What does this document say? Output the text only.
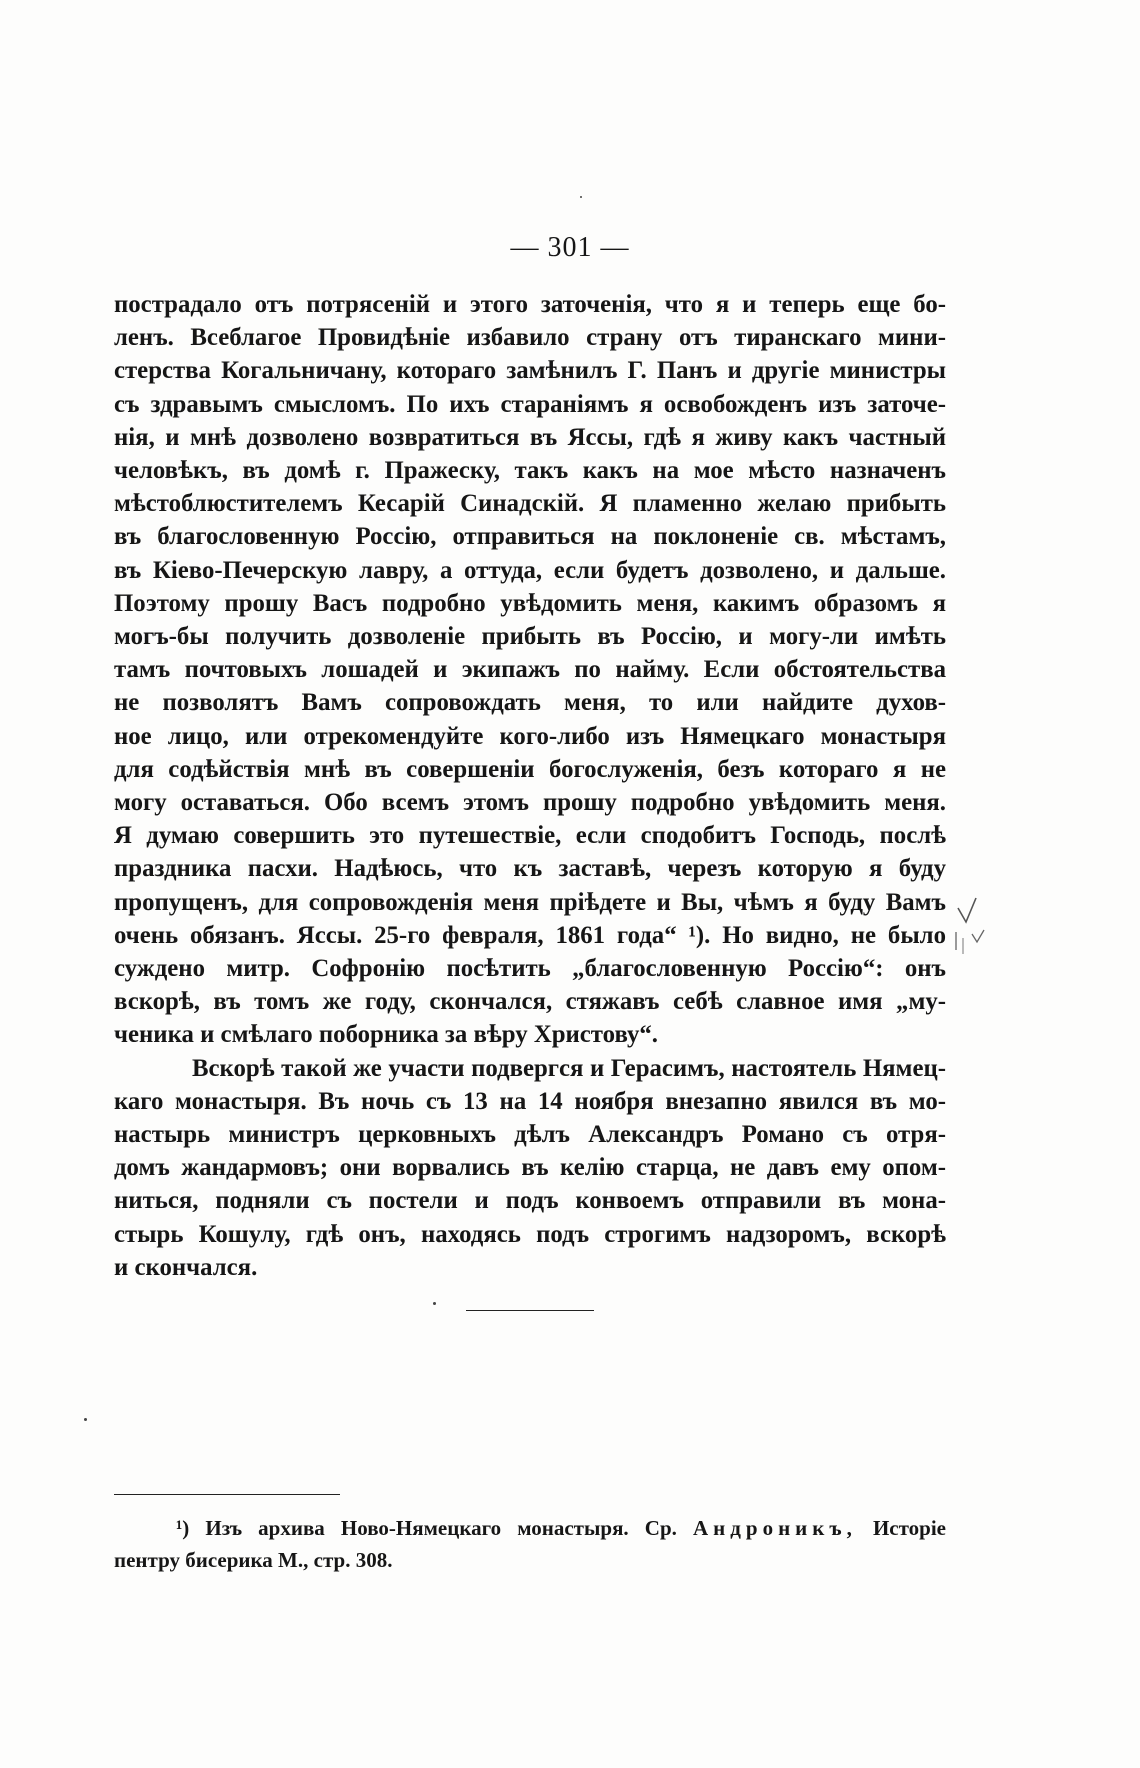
— 301 —
пострадало отъ потрясеній и этого заточенія, что я и теперь еще бо-
ленъ. Всеблагое Провидѣніе избавило страну отъ тиранскаго мини-
стерства Когальничану, котораго замѣнилъ Г. Панъ и другіе министры
съ здравымъ смысломъ. По ихъ стараніямъ я освобожденъ изъ заточе-
нія, и мнѣ дозволено возвратиться въ Яссы, гдѣ я живу какъ частный
человѣкъ, въ домѣ г. Пражеску, такъ какъ на мое мѣсто назначенъ
мѣстоблюстителемъ Кесарій Синадскій. Я пламенно желаю прибыть
въ благословенную Россію, отправиться на поклоненіе св. мѣстамъ,
въ Кіево-Печерскую лавру, а оттуда, если будетъ дозволено, и дальше.
Поэтому прошу Васъ подробно увѣдомить меня, какимъ образомъ я
могъ-бы получить дозволеніе прибыть въ Россію, и могу-ли имѣть
тамъ почтовыхъ лошадей и экипажъ по найму. Если обстоятельства
не позволятъ Вамъ сопровождать меня, то или найдите духов-
ное лицо, или отрекомендуйте кого-либо изъ Нямецкаго монастыря
для содѣйствія мнѣ въ совершеніи богослуженія, безъ котораго я не
могу оставаться. Обо всемъ этомъ прошу подробно увѣдомить меня.
Я думаю совершить это путешествіе, если сподобитъ Господь, послѣ
праздника пасхи. Надѣюсь, что къ заставѣ, черезъ которую я буду
пропущенъ, для сопровожденія меня пріѣдете и Вы, чѣмъ я буду Вамъ
очень обязанъ. Яссы. 25-го февраля, 1861 года“ ¹). Но видно, не было
суждено митр. Софронію посѣтить „благословенную Россію“: онъ
вскорѣ, въ томъ же году, скончался, стяжавъ себѣ славное имя „му-
ченика и смѣлаго поборника за вѣру Христову“.
Вскорѣ такой же участи подвергся и Герасимъ, настоятель Нямец-
каго монастыря. Въ ночь съ 13 на 14 ноября внезапно явился въ мо-
настырь министръ церковныхъ дѣлъ Александръ Романо съ отря-
домъ жандармовъ; они ворвались въ келію старца, не давъ ему опом-
ниться, подняли съ постели и подъ конвоемъ отправили въ мона-
стырь Кошулу, гдѣ онъ, находясь подъ строгимъ надзоромъ, вскорѣ
и скончался.
¹) Изъ архива Ново-Нямецкаго монастыря. Ср. Андроникъ, Исторіе
пентру бисерика М., стр. 308.
